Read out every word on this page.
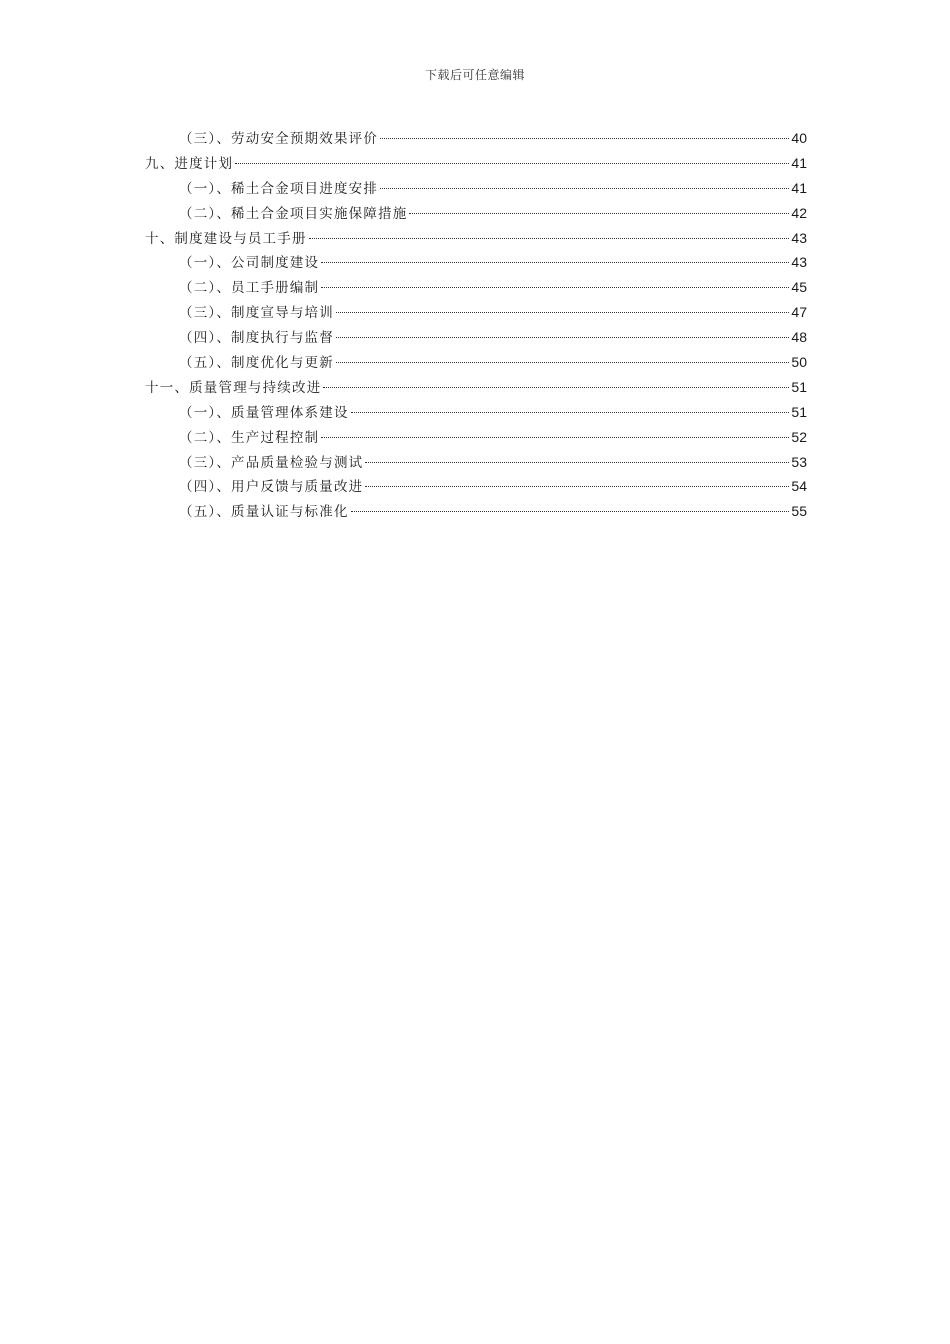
下载后可任意编辑
（三）、劳动安全预期效果评价	40
九、进度计划	41
（一）、稀土合金项目进度安排	41
（二）、稀土合金项目实施保障措施	42
十、制度建设与员工手册	43
（一）、公司制度建设	43
（二）、员工手册编制	45
（三）、制度宣导与培训	47
（四）、制度执行与监督	48
（五）、制度优化与更新	50
十一、质量管理与持续改进	51
（一）、质量管理体系建设	51
（二）、生产过程控制	52
（三）、产品质量检验与测试	53
（四）、用户反馈与质量改进	54
（五）、质量认证与标准化	55
